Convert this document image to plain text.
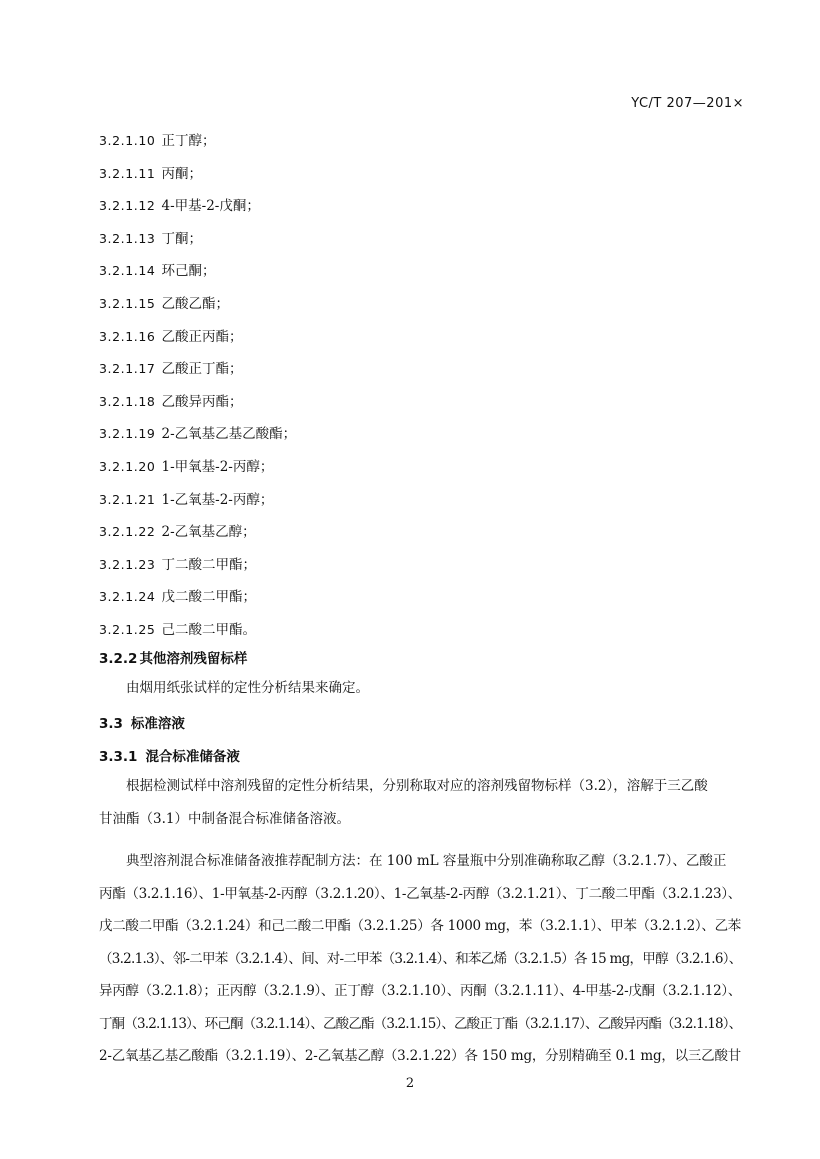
YC/T 207—201×
3.2.1.10 正丁醇；
3.2.1.11 丙酮；
3.2.1.12 4-甲基-2-戊酮；
3.2.1.13 丁酮；
3.2.1.14 环己酮；
3.2.1.15 乙酸乙酯；
3.2.1.16 乙酸正丙酯；
3.2.1.17 乙酸正丁酯；
3.2.1.18 乙酸异丙酯；
3.2.1.19 2-乙氧基乙基乙酸酯；
3.2.1.20 1-甲氧基-2-丙醇；
3.2.1.21 1-乙氧基-2-丙醇；
3.2.1.22 2-乙氧基乙醇；
3.2.1.23 丁二酸二甲酯；
3.2.1.24 戊二酸二甲酯；
3.2.1.25 己二酸二甲酯。
3.2.2 其他溶剂残留标样

由烟用纸张试样的定性分析结果来确定。

3.3 标准溶液
3.3.1 混合标准储备液

根据检测试样中溶剂残留的定性分析结果，分别称取对应的溶剂残留物标样（3.2），溶解于三乙酸
甘油酯（3.1）中制备混合标准储备溶液。

典型溶剂混合标准储备液推荐配制方法：在 100 mL 容量瓶中分别准确称取乙醇（3.2.1.7）、乙酸正
丙酯（3.2.1.16）、1-甲氧基-2-丙醇（3.2.1.20）、1-乙氧基-2-丙醇（3.2.1.21）、丁二酸二甲酯（3.2.1.23）、
戊二酸二甲酯（3.2.1.24）和己二酸二甲酯（3.2.1.25）各 1000 mg，苯（3.2.1.1）、甲苯（3.2.1.2）、乙苯
（3.2.1.3）、邻-二甲苯（3.2.1.4）、间、对-二甲苯（3.2.1.4）、和苯乙烯（3.2.1.5）各 15 mg，甲醇（3.2.1.6）、
异丙醇（3.2.1.8）；正丙醇（3.2.1.9）、正丁醇（3.2.1.10）、丙酮（3.2.1.11）、4-甲基-2-戊酮（3.2.1.12）、
丁酮（3.2.1.13）、环己酮（3.2.1.14）、乙酸乙酯（3.2.1.15）、乙酸正丁酯（3.2.1.17）、乙酸异丙酯（3.2.1.18）、
2-乙氧基乙基乙酸酯（3.2.1.19）、2-乙氧基乙醇（3.2.1.22）各 150 mg，分别精确至 0.1 mg，以三乙酸甘

2
